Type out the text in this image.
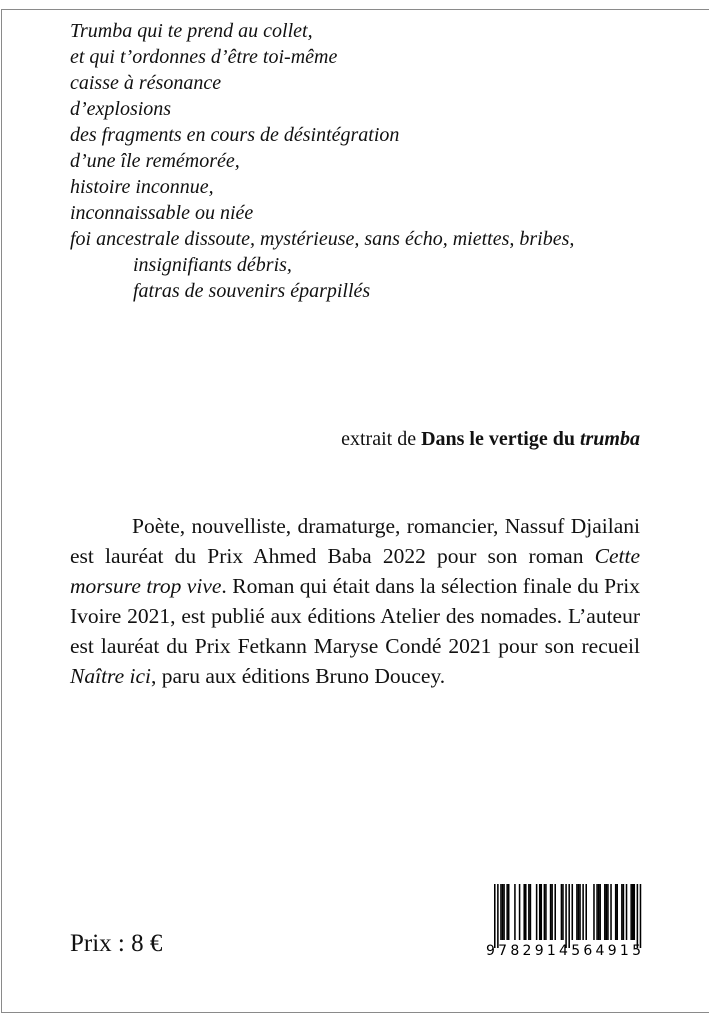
Trumba qui te prend au collet,
et qui t’ordonnes d’être toi-même
caisse à résonance
d’explosions
des fragments en cours de désintégration
d’une île remémorée,
histoire inconnue,
inconnaissable ou niée
foi ancestrale dissoute, mystérieuse, sans écho, miettes, bribes,
insignifiants débris,
fatras de souvenirs éparpillés
extrait de Dans le vertige du trumba
Poète, nouvelliste, dramaturge, romancier, Nassuf Djailani est lauréat du Prix Ahmed Baba 2022 pour son roman Cette morsure trop vive. Roman qui était dans la sélection finale du Prix Ivoire 2021, est publié aux éditions Atelier des nomades. L’auteur est lauréat du Prix Fetkann Maryse Condé 2021 pour son recueil Naître ici, paru aux éditions Bruno Doucey.
Prix : 8 €	9782914564915
